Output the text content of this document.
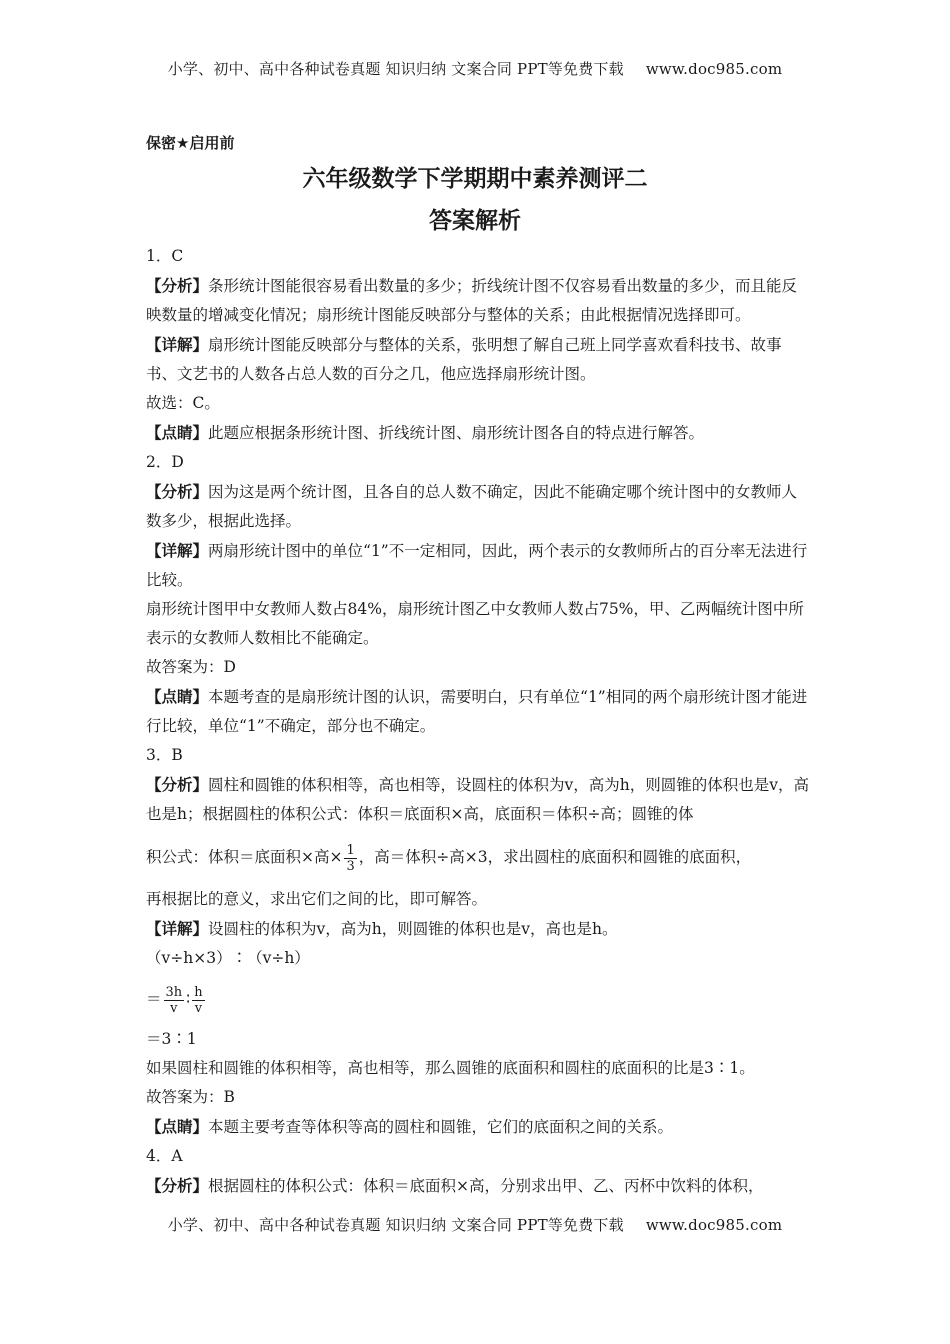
小学、初中、高中各种试卷真题 知识归纳 文案合同 PPT等免费下载 www.doc985.com
保密★启用前
六年级数学下学期期中素养测评二
答案解析

1．C

【分析】条形统计图能很容易看出数量的多少；折线统计图不仅容易看出数量的多少，而且能反映数量的增减变化情况；扇形统计图能反映部分与整体的关系；由此根据情况选择即可。

【详解】扇形统计图能反映部分与整体的关系，张明想了解自己班上同学喜欢看科技书、故事书、文艺书的人数各占总人数的百分之几，他应选择扇形统计图。

故选：C。

【点睛】此题应根据条形统计图、折线统计图、扇形统计图各自的特点进行解答。

2．D

【分析】因为这是两个统计图，且各自的总人数不确定，因此不能确定哪个统计图中的女教师人数多少，根据此选择。

【详解】两扇形统计图中的单位“1”不一定相同，因此，两个表示的女教师所占的百分率无法进行比较。

扇形统计图甲中女教师人数占84%，扇形统计图乙中女教师人数占75%，甲、乙两幅统计图中所表示的女教师人数相比不能确定。

故答案为：D

【点睛】本题考查的是扇形统计图的认识，需要明白，只有单位“1”相同的两个扇形统计图才能进行比较，单位“1”不确定，部分也不确定。

3．B

【分析】圆柱和圆锥的体积相等，高也相等，设圆柱的体积为v，高为h，则圆锥的体积也是v，高也是h；根据圆柱的体积公式：体积＝底面积×高，底面积＝体积÷高；圆锥的体

积公式：体积＝底面积×高× $\frac{1}{3}$ ，高＝体积÷高×3，求出圆柱的底面积和圆锥的底面积，

再根据比的意义，求出它们之间的比，即可解答。

【详解】设圆柱的体积为v，高为h，则圆锥的体积也是v，高也是h。

（v÷h×3）∶（v÷h）

＝ $\frac{3h}{v}$ ∶ $\frac{h}{v}$

＝3∶1

如果圆柱和圆锥的体积相等，高也相等，那么圆锥的底面积和圆柱的底面积的比是3∶1。

故答案为：B

【点睛】本题主要考查等体积等高的圆柱和圆锥，它们的底面积之间的关系。

4．A

【分析】根据圆柱的体积公式：体积＝底面积×高，分别求出甲、乙、丙杯中饮料的体积，

小学、初中、高中各种试卷真题 知识归纳 文案合同 PPT等免费下载 www.doc985.com
